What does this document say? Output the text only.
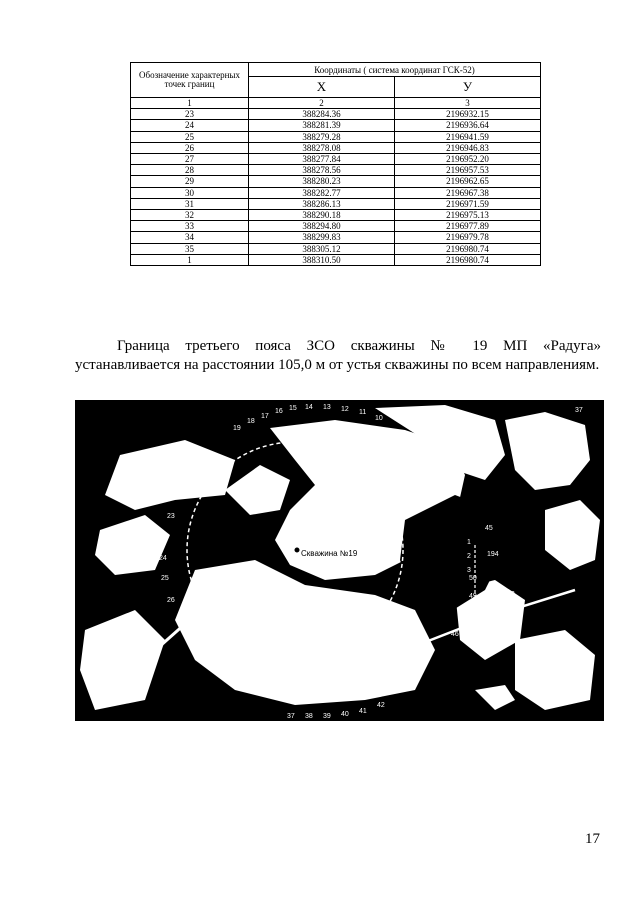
Обозначение характерных точек границ	Координаты ( система координат ГСК-52)	
	X	У
1	2	3
23	388284.36	2196932.15
24	388281.39	2196936.64
25	388279.28	2196941.59
26	388278.08	2196946.83
27	388277.84	2196952.20
28	388278.56	2196957.53
29	388280.23	2196962.65
30	388282.77	2196967.38
31	388286.13	2196971.59
32	388290.18	2196975.13
33	388294.80	2196977.89
34	388299.83	2196979.78
35	388305.12	2196980.74
1	388310.50	2196980.74

Граница третьего пояса ЗСО скважины № 19 МП «Радуга» устанавливается на расстоянии 105,0 м от устья скважины по всем направлениям.

Скважина №19
19
18
17
16 15 14 13 12 11
10
20
21
22
23
24
25
26
37 38 39 40 41
42
45
1
2
3
50
49
48
47
46
43
194
19
37
17
